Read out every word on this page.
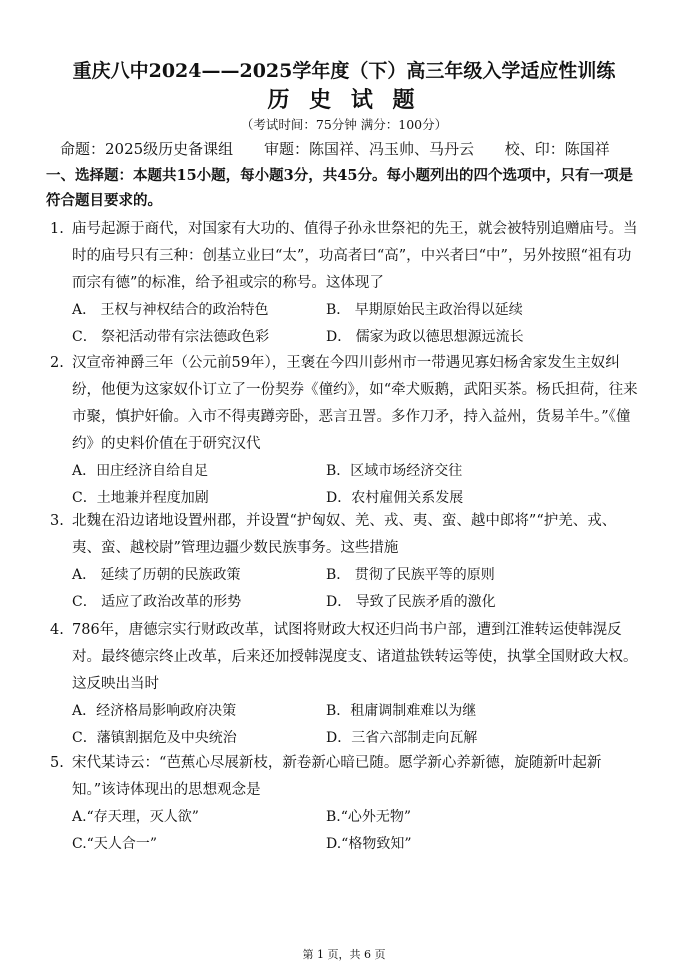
重庆八中2024——2025学年度（下）高三年级入学适应性训练
历 史 试 题
（考试时间：75分钟 满分：100分）
命题：2025级历史备课组 审题：陈国祥、冯玉帅、马丹云 校、印：陈国祥
一、选择题：本题共15小题，每小题3分，共45分。每小题列出的四个选项中，只有一项是符合题目要求的。
1. 庙号起源于商代，对国家有大功的、值得子孙永世祭祀的先王，就会被特别追赠庙号。当时的庙号只有三种：创基立业曰“太”，功高者曰“高”，中兴者曰“中”，另外按照“祖有功而宗有德”的标准，给予祖或宗的称号。这体现了
A． 王权与神权结合的政治特色	B． 早期原始民主政治得以延续
C． 祭祀活动带有宗法德政色彩	D． 儒家为政以德思想源远流长
2. 汉宣帝神爵三年（公元前59年），王褒在今四川彭州市一带遇见寡妇杨舍家发生主奴纠纷，他便为这家奴仆订立了一份契券《僮约》，如“牵犬贩鹅，武阳买茶。杨氏担荷，往来市聚，慎护奸偷。入市不得夷蹲旁卧，恶言丑詈。多作刀矛，持入益州，货易羊牛。”《僮约》的史料价值在于研究汉代
A．田庄经济自给自足	B．区域市场经济交往
C．土地兼并程度加剧	D．农村雇佣关系发展
3. 北魏在沿边诸地设置州郡，并设置“护匈奴、羌、戎、夷、蛮、越中郎将”“护羌、戎、夷、蛮、越校尉”管理边疆少数民族事务。这些措施
A． 延续了历朝的民族政策	B． 贯彻了民族平等的原则
C． 适应了政治改革的形势	D． 导致了民族矛盾的激化
4. 786年，唐德宗实行财政改革，试图将财政大权还归尚书户部，遭到江淮转运使韩滉反对。最终德宗终止改革，后来还加授韩滉度支、诸道盐铁转运等使，执掌全国财政大权。这反映出当时
A．经济格局影响政府决策	B．租庸调制难难以为继
C．藩镇割据危及中央统治	D．三省六部制走向瓦解
5. 宋代某诗云：“芭蕉心尽展新枝，新卷新心暗已随。愿学新心养新德，旋随新叶起新知。”该诗体现出的思想观念是
A.“存天理，灭人欲”	B.“心外无物”
C.“天人合一”	D.“格物致知”
第 1 页，共 6 页
